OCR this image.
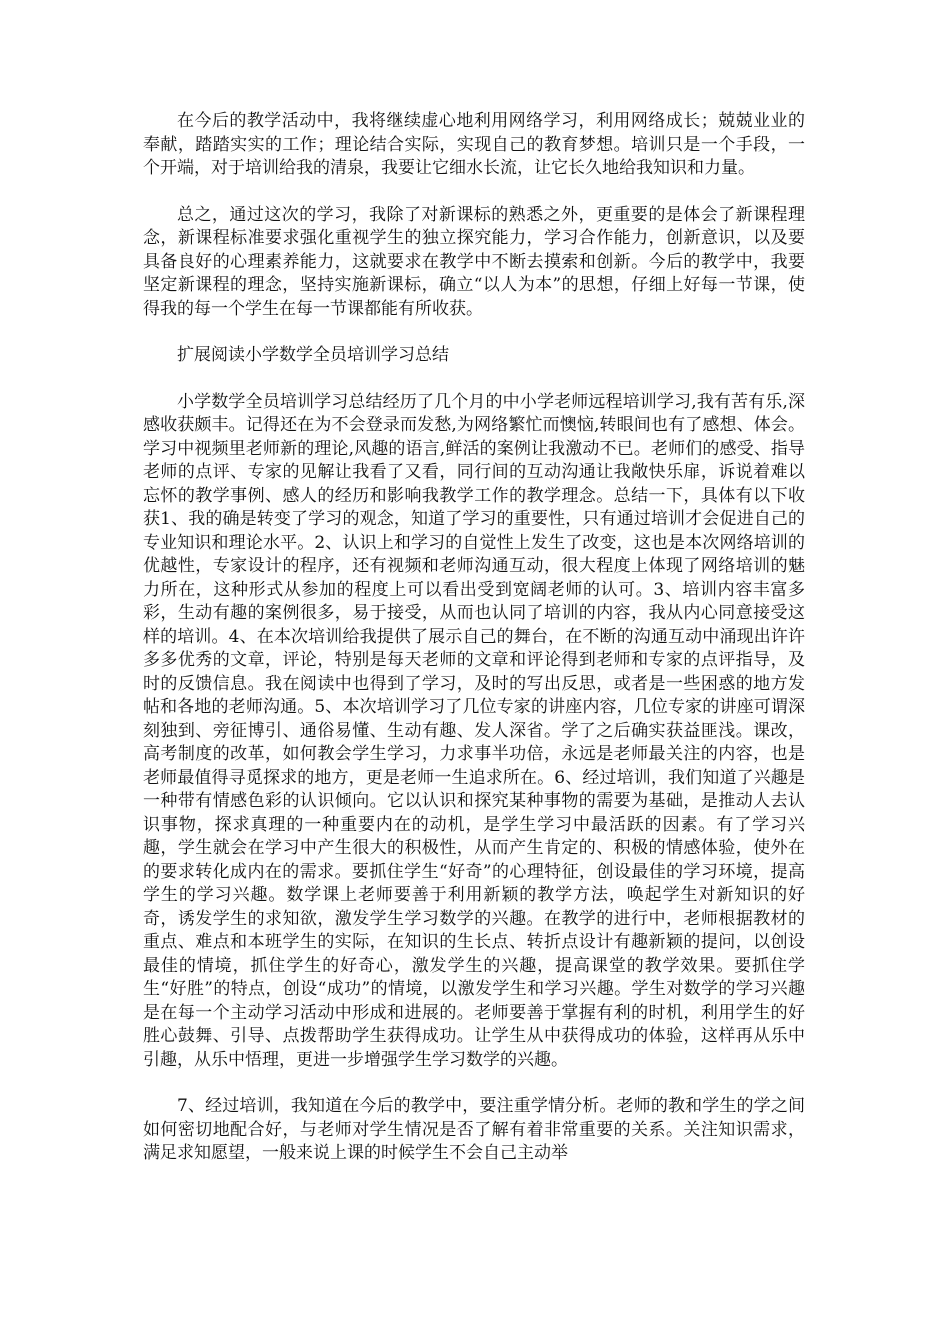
在今后的教学活动中，我将继续虚心地利用网络学习，利用网络成长；兢兢业业的奉献，踏踏实实的工作；理论结合实际，实现自己的教育梦想。培训只是一个手段，一个开端，对于培训给我的清泉，我要让它细水长流，让它长久地给我知识和力量。

总之，通过这次的学习，我除了对新课标的熟悉之外，更重要的是体会了新课程理念，新课程标准要求强化重视学生的独立探究能力，学习合作能力，创新意识，以及要具备良好的心理素养能力，这就要求在教学中不断去摸索和创新。今后的教学中，我要坚定新课程的理念，坚持实施新课标，确立“以人为本”的思想，仔细上好每一节课，使得我的每一个学生在每一节课都能有所收获。

扩展阅读小学数学全员培训学习总结

小学数学全员培训学习总结经历了几个月的中小学老师远程培训学习,我有苦有乐,深感收获颇丰。记得还在为不会登录而发愁,为网络繁忙而懊恼,转眼间也有了感想、体会。学习中视频里老师新的理论,风趣的语言,鲜活的案例让我激动不已。老师们的感受、指导老师的点评、专家的见解让我看了又看，同行间的互动沟通让我敞快乐扉，诉说着难以忘怀的教学事例、感人的经历和影响我教学工作的教学理念。总结一下，具体有以下收获1、我的确是转变了学习的观念，知道了学习的重要性，只有通过培训才会促进自己的专业知识和理论水平。2、认识上和学习的自觉性上发生了改变，这也是本次网络培训的优越性，专家设计的程序，还有视频和老师沟通互动，很大程度上体现了网络培训的魅力所在，这种形式从参加的程度上可以看出受到宽阔老师的认可。3、培训内容丰富多彩，生动有趣的案例很多，易于接受，从而也认同了培训的内容，我从内心同意接受这样的培训。4、在本次培训给我提供了展示自己的舞台，在不断的沟通互动中涌现出许许多多优秀的文章，评论，特别是每天老师的文章和评论得到老师和专家的点评指导，及时的反馈信息。我在阅读中也得到了学习，及时的写出反思，或者是一些困惑的地方发帖和各地的老师沟通。5、本次培训学习了几位专家的讲座内容，几位专家的讲座可谓深刻独到、旁征博引、通俗易懂、生动有趣、发人深省。学了之后确实获益匪浅。课改，高考制度的改革，如何教会学生学习，力求事半功倍，永远是老师最关注的内容，也是老师最值得寻觅探求的地方，更是老师一生追求所在。6、经过培训，我们知道了兴趣是一种带有情感色彩的认识倾向。它以认识和探究某种事物的需要为基础，是推动人去认识事物，探求真理的一种重要内在的动机，是学生学习中最活跃的因素。有了学习兴趣，学生就会在学习中产生很大的积极性，从而产生肯定的、积极的情感体验，使外在的要求转化成内在的需求。要抓住学生“好奇”的心理特征，创设最佳的学习环境，提高学生的学习兴趣。数学课上老师要善于利用新颖的教学方法，唤起学生对新知识的好奇，诱发学生的求知欲，激发学生学习数学的兴趣。在教学的进行中，老师根据教材的重点、难点和本班学生的实际，在知识的生长点、转折点设计有趣新颖的提问，以创设最佳的情境，抓住学生的好奇心，激发学生的兴趣，提高课堂的教学效果。要抓住学生“好胜”的特点，创设“成功”的情境，以激发学生和学习兴趣。学生对数学的学习兴趣是在每一个主动学习活动中形成和进展的。老师要善于掌握有利的时机，利用学生的好胜心鼓舞、引导、点拨帮助学生获得成功。让学生从中获得成功的体验，这样再从乐中引趣，从乐中悟理，更进一步增强学生学习数学的兴趣。

7、经过培训，我知道在今后的教学中，要注重学情分析。老师的教和学生的学之间如何密切地配合好，与老师对学生情况是否了解有着非常重要的关系。关注知识需求，满足求知愿望，一般来说上课的时候学生不会自己主动举
